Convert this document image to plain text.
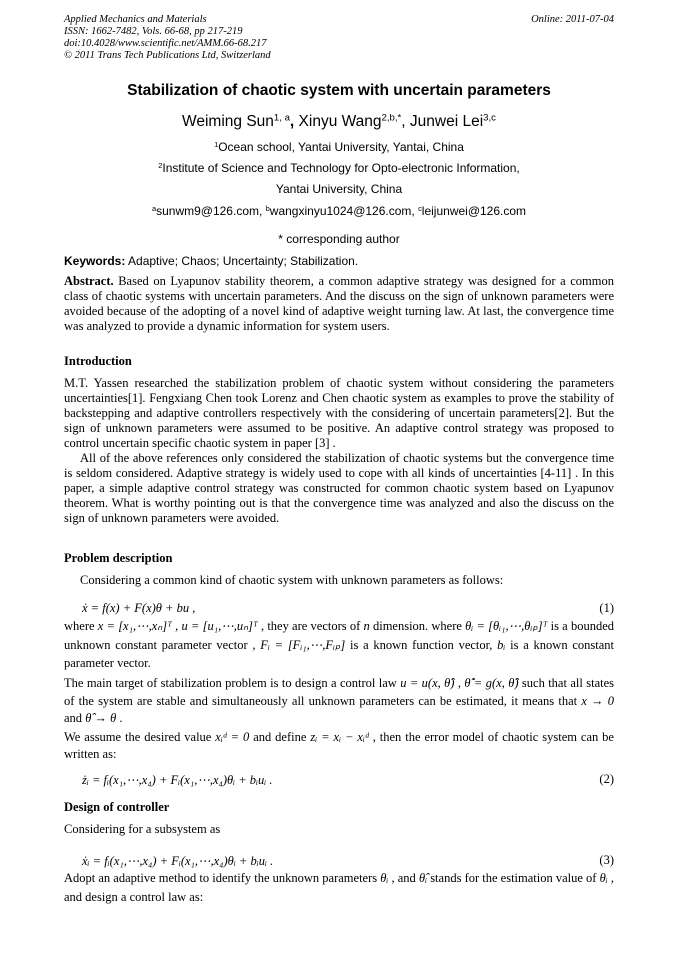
Applied Mechanics and Materials
ISSN: 1662-7482, Vols. 66-68, pp 217-219
doi:10.4028/www.scientific.net/AMM.66-68.217
© 2011 Trans Tech Publications Ltd, Switzerland
Online: 2011-07-04
Stabilization of chaotic system with uncertain parameters
Weiming Sun$^{1, a}$, Xinyu Wang$^{2,b,*}$, Junwei Lei$^{3,c}$
$^1$Ocean school, Yantai University, Yantai, China
$^2$Institute of Science and Technology for Opto-electronic Information,
Yantai University, China
$^a$sunwm9@126.com, $^b$wangxinyu1024@126.com, $^c$leijunwei@126.com
* corresponding author
Keywords: Adaptive; Chaos; Uncertainty; Stabilization.
Abstract. Based on Lyapunov stability theorem, a common adaptive strategy was designed for a common class of chaotic systems with uncertain parameters. And the discuss on the sign of unknown parameters were avoided because of the adopting of a novel kind of adaptive weight turning law. At last, the convergence time was analyzed to provide a dynamic information for system users.
Introduction
M.T. Yassen researched the stabilization problem of chaotic system without considering the parameters uncertainties[1]. Fengxiang Chen took Lorenz and Chen chaotic system as examples to prove the stability of backstepping and adaptive controllers respectively with the considering of uncertain parameters[2]. But the sign of unknown parameters were assumed to be positive. An adaptive control strategy was proposed to control uncertain specific chaotic system in paper [3] .
All of the above references only considered the stabilization of chaotic systems but the convergence time is seldom considered. Adaptive strategy is widely used to cope with all kinds of uncertainties [4-11] . In this paper, a simple adaptive control strategy was constructed for common chaotic system based on Lyapunov theorem. What is worthy pointing out is that the convergence time was analyzed and also the discuss on the sign of unknown parameters were avoided.
Problem description
Considering a common kind of chaotic system with unknown parameters as follows:
ẋ = f(x) + F(x)θ + bu ,	(1)
where x = [x₁,⋯,xₙ]ᵀ , u = [u₁,⋯,uₙ]ᵀ , they are vectors of n dimension. where θᵢ = [θᵢ₁,⋯,θᵢₚ]ᵀ is a bounded unknown constant parameter vector , Fᵢ = [Fᵢ₁,⋯,Fᵢₚ] is a known function vector, bᵢ is a known constant parameter vector.
The main target of stabilization problem is to design a control law u = u(x, θ̂) , θ̂̇ = g(x, θ̂) such that all states of the system are stable and simultaneously all unknown parameters can be estimated, it means that x → 0 and θ̂ → θ .
We assume the desired value xᵢᵈ = 0 and define zᵢ = xᵢ − xᵢᵈ , then the error model of chaotic system can be written as:
żᵢ = fᵢ(x₁,⋯,x₄) + Fᵢ(x₁,⋯,x₄)θᵢ + bᵢuᵢ .	(2)
Design of controller
Considering for a subsystem as
ẋᵢ = fᵢ(x₁,⋯,x₄) + Fᵢ(x₁,⋯,x₄)θᵢ + bᵢuᵢ .	(3)
Adopt an adaptive method to identify the unknown parameters θᵢ , and θ̂ᵢ stands for the estimation value of θᵢ , and design a control law as:
